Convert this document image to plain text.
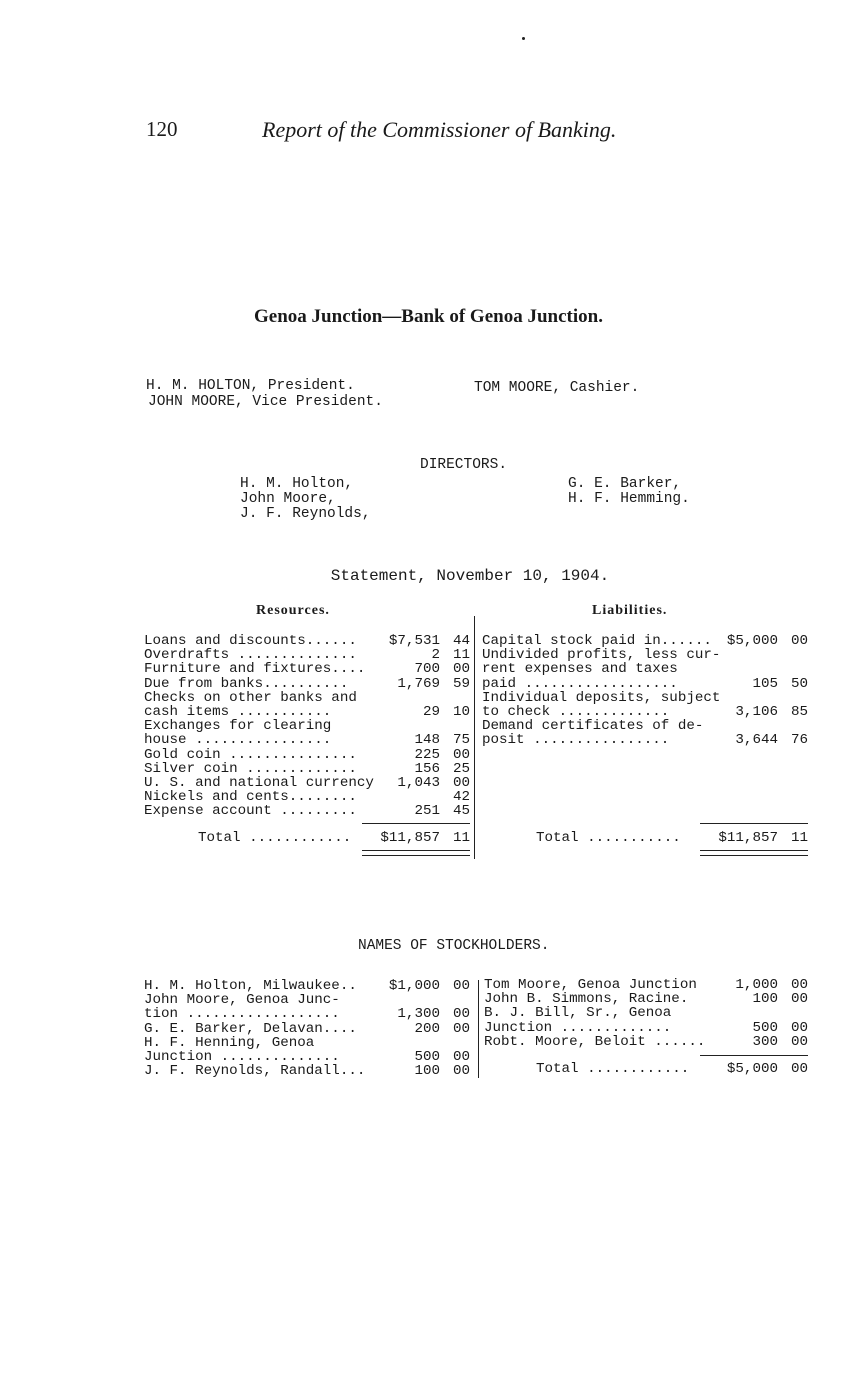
120	Report of the Commissioner of Banking.
Genoa Junction—Bank of Genoa Junction.
H. M. HOLTON, President.
JOHN MOORE, Vice President.
TOM MOORE, Cashier.
DIRECTORS.
H. M. Holton,
John Moore,
J. F. Reynolds,
G. E. Barker,
H. F. Hemming.
Statement, November 10, 1904.
Resources.	Liabilities.
Loans and discounts...... $7,531 44
Overdrafts ..............	2 11
Furniture and fixtures....	700 00
Due from banks..........	1,769 59
Checks on other banks and
cash items ...........	29 10
Exchanges for clearing
house ................	148 75
Gold coin ...............	225 00
Silver coin .............	156 25
U. S. and national currency 1,043 00
Nickels and cents........	42
Expense account .........	251 45
Capital stock paid in...... $5,000 00
Undivided profits, less cur-
rent expenses and taxes
paid ..................	105 50
Individual deposits, subject
to check .............	3,106 85
Demand certificates of de-
posit ................	3,644 76
Total ............ $11,857 11	Total ...........	$11,857 11
NAMES OF STOCKHOLDERS.
H. M. Holton, Milwaukee.. $1,000 00
John Moore, Genoa Junc-
tion ..................	1,300 00
G. E. Barker, Delavan....	200 00
H. F. Henning, Genoa
Junction ..............	500 00
J. F. Reynolds, Randall...	100 00
Tom Moore, Genoa Junction	1,000 00
John B. Simmons, Racine.	100 00
B. J. Bill, Sr., Genoa
Junction .............	500 00
Robt. Moore, Beloit ......	300 00
Total ............	$5,000 00
